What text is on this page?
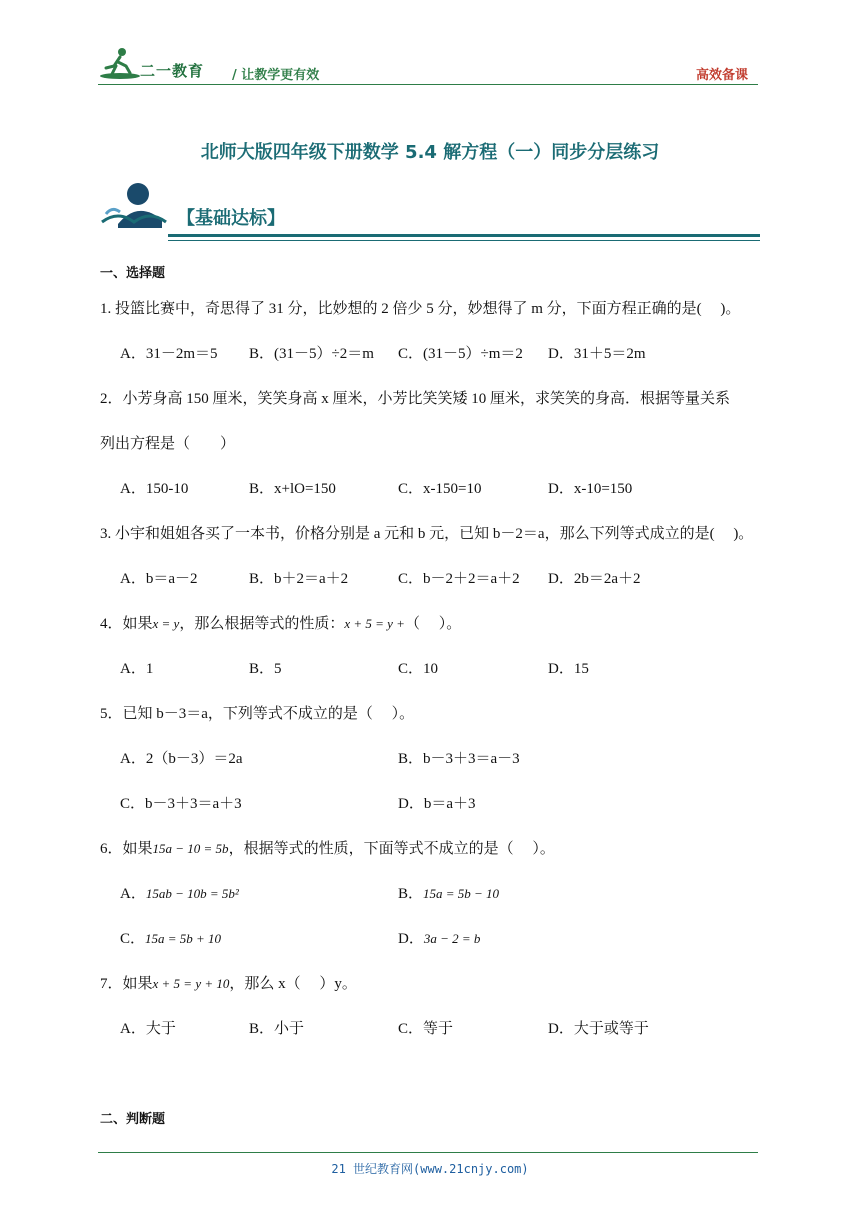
二一教育 / 让教学更有效	高效备课
北师大版四年级下册数学 5.4 解方程（一）同步分层练习
【基础达标】
一、选择题
1. 投篮比赛中，奇思得了 31 分，比妙想的 2 倍少 5 分，妙想得了 m 分，下面方程正确的是(　 )。
A．31－2m＝5 B．(31－5）÷2＝m C．(31－5）÷m＝2 D．31＋5＝2m
2．小芳身高 150 厘米，笑笑身高 x 厘米，小芳比笑笑矮 10 厘米，求笑笑的身高．根据等量关系
列出方程是（　　）
A．150-10	B．x+lO=150	C．x-150=10	D．x-10=150
3. 小宇和姐姐各买了一本书，价格分别是 a 元和 b 元，已知 b－2＝a，那么下列等式成立的是(　 )。
A．b＝a－2	B．b＋2＝a＋2	C．b－2＋2＝a＋2 D．2b＝2a＋2
4．如果x = y，那么根据等式的性质：x + 5 = y +（　 ）。
A．1	B．5	C．10	D．15
5．已知 b－3＝a，下列等式不成立的是（　 ）。
A．2（b－3）＝2a	B．b－3＋3＝a－3
C．b－3＋3＝a＋3	D．b＝a＋3
6．如果15a − 10 = 5b，根据等式的性质，下面等式不成立的是（　 ）。
A．15ab − 10b = 5b²	B．15a = 5b − 10
C．15a = 5b + 10	D．3a − 2 = b
7．如果x + 5 = y + 10，那么 x（　 ）y。
A．大于	B．小于	C．等于	D．大于或等于
二、判断题
21 世纪教育网(www.21cnjy.com)
